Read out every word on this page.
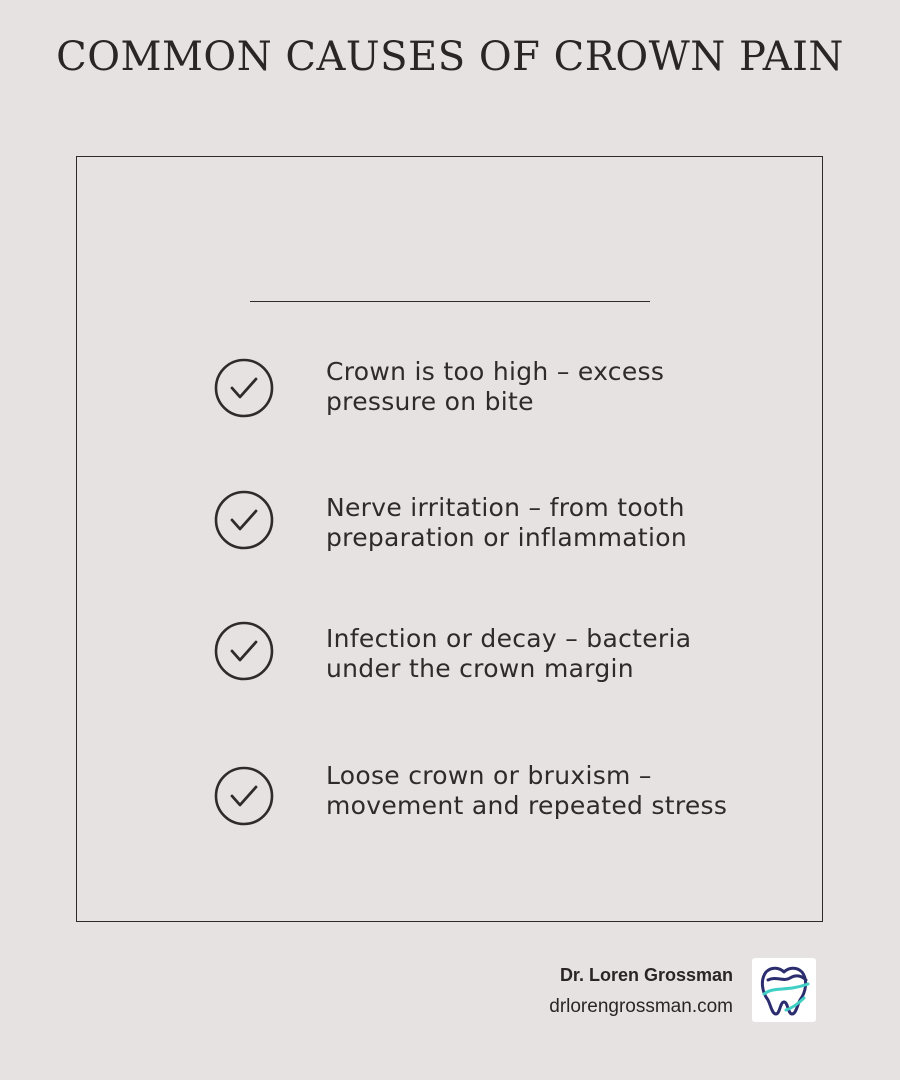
COMMON CAUSES OF CROWN PAIN
Crown is too high – excess pressure on bite
Nerve irritation – from tooth preparation or inflammation
Infection or decay – bacteria under the crown margin
Loose crown or bruxism – movement and repeated stress
Dr. Loren Grossman
drlorengrossman.com
